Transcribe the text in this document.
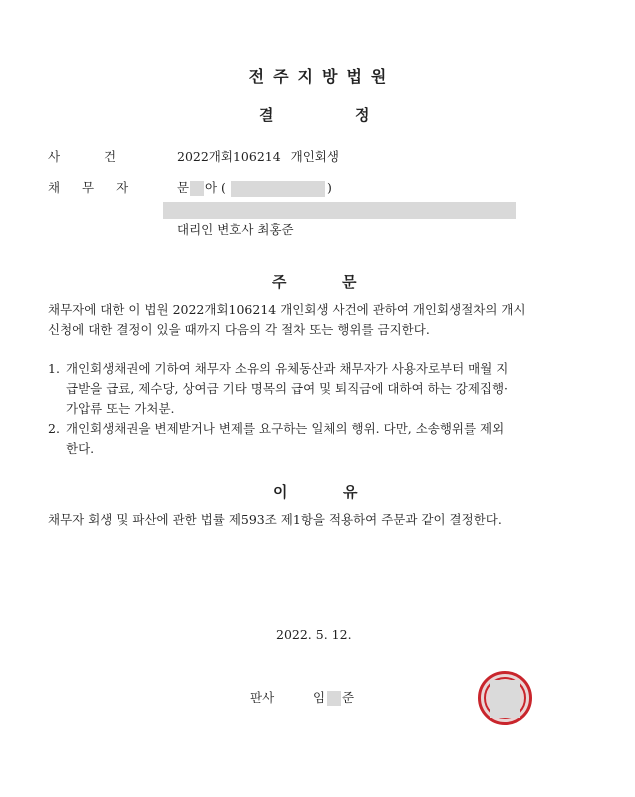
전주지방법원
결	정
사 건	2022개회106214 개인회생
채 무 자	문 아 (	)
대리인 변호사 최홍준
주	문
채무자에 대한 이 법원 2022개회106214 개인회생 사건에 관하여 개인회생절차의 개시
신청에 대한 결정이 있을 때까지 다음의 각 절차 또는 행위를 금지한다.
1. 개인회생채권에 기하여 채무자 소유의 유체동산과 채무자가 사용자로부터 매월 지
급받을 급료, 제수당, 상여금 기타 명목의 급여 및 퇴직금에 대하여 하는 강제집행·
가압류 또는 가처분.
2. 개인회생채권을 변제받거나 변제를 요구하는 일체의 행위. 다만, 소송행위를 제외
한다.
이	유
채무자 회생 및 파산에 관한 법률 제593조 제1항을 적용하여 주문과 같이 결정한다.
2022. 5. 12.
판사	임 준
